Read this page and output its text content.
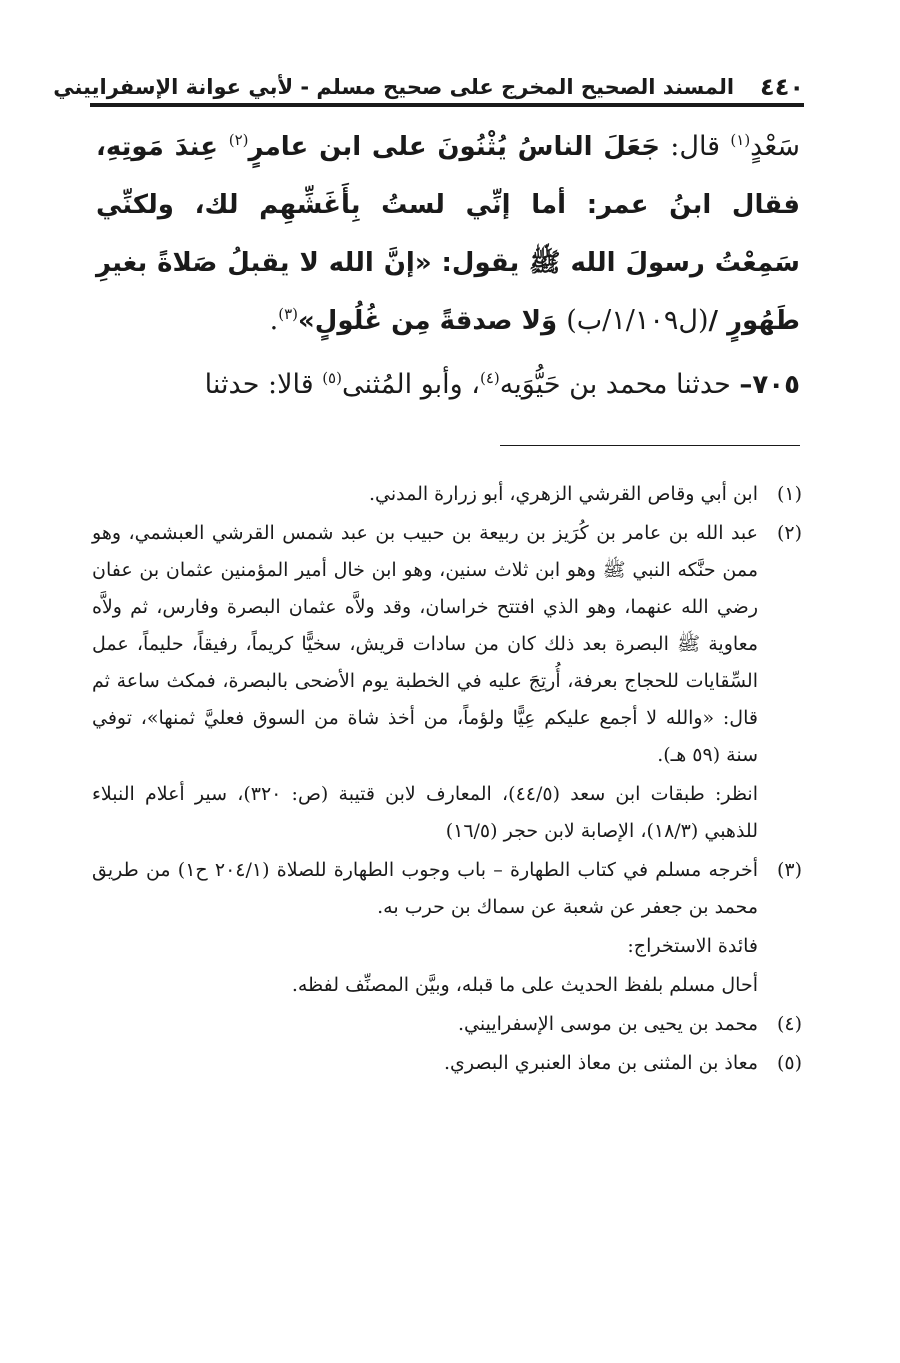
٤٤٠
المسند الصحيح المخرج على صحيح مسلم - لأبي عوانة الإسفراييني

سَعْدٍ$^{(١)}$ قال: جَعَلَ الناسُ يُثْنُونَ على ابن عامرٍ$^{(٢)}$ عِندَ مَوتِهِ، فقال ابنُ عمر: أما إنِّي لستُ بِأَغَشِّهِم لك، ولكنِّي سَمِعْتُ رسولَ الله ﷺ يقول: «إنَّ الله لا يقبلُ صَلاةً بغيرِ طَهُورٍ /(ل١/١٠٩/ب) وَلا صدقةً مِن غُلُولٍ»$^{(٣)}$.

٧٠٥– حدثنا محمد بن حَيُّوَيه$^{(٤)}$، وأبو المُثنى$^{(٥)}$ قالا: حدثنا

(١)ابن أبي وقاص القرشي الزهري، أبو زرارة المدني.

(٢)عبد الله بن عامر بن كُرَيز بن ربيعة بن حبيب بن عبد شمس القرشي العبشمي، وهو ممن حنَّكه النبي ﷺ وهو ابن ثلاث سنين، وهو ابن خال أمير المؤمنين عثمان بن عفان رضي الله عنهما، وهو الذي افتتح خراسان، وقد ولاَّه عثمان البصرة وفارس، ثم ولاَّه معاوية ﷺ البصرة بعد ذلك كان من سادات قريش، سخيًّا كريماً، رفيقاً، حليماً، عمل السِّقايات للحجاج بعرفة، أُرتِجَ عليه في الخطبة يوم الأضحى بالبصرة، فمكث ساعة ثم قال: «والله لا أجمع عليكم عِيًّا ولؤماً، من أخذ شاة من السوق فعليَّ ثمنها»، توفي سنة (٥٩ هـ).

انظر: طبقات ابن سعد (٤٤/٥)، المعارف لابن قتيبة (ص: ٣٢٠)، سير أعلام النبلاء للذهبي (١٨/٣)، الإصابة لابن حجر (١٦/٥)

(٣)أخرجه مسلم في كتاب الطهارة – باب وجوب الطهارة للصلاة (٢٠٤/١ ح١) من طريق محمد بن جعفر عن شعبة عن سماك بن حرب به.

فائدة الاستخراج:

أحال مسلم بلفظ الحديث على ما قبله، وبيَّن المصنِّف لفظه.

(٤)محمد بن يحيى بن موسى الإسفراييني.

(٥)معاذ بن المثنى بن معاذ العنبري البصري.
